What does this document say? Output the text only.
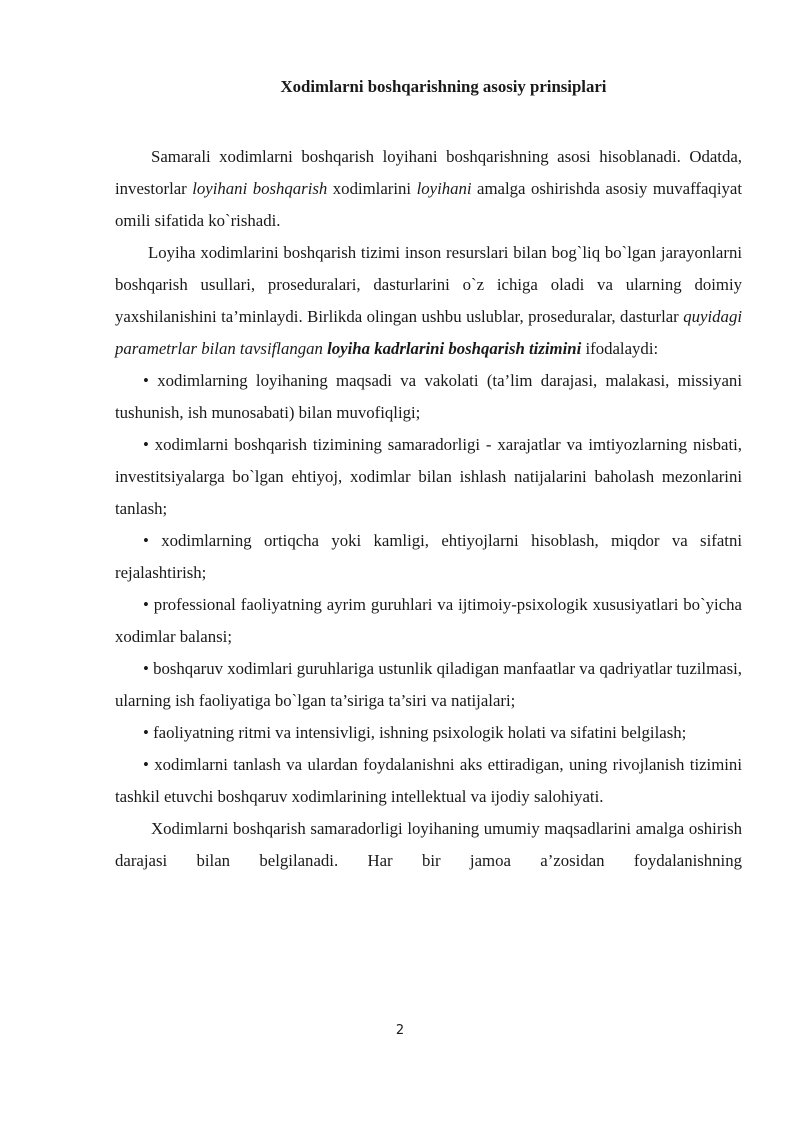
Xodimlarni boshqarishning asosiy prinsiplari

Samarali xodimlarni boshqarish loyihani boshqarishning asosi hisoblanadi. Odatda, investorlar loyihani boshqarish xodimlarini loyihani amalga oshirishda asosiy muvaffaqiyat omili sifatida ko`rishadi.

Loyiha xodimlarini boshqarish tizimi inson resurslari bilan bog`liq bo`lgan jarayonlarni boshqarish usullari, proseduralari, dasturlarini o`z ichiga oladi va ularning doimiy yaxshilanishini ta’minlaydi. Birlikda olingan ushbu uslublar, proseduralar, dasturlar quyidagi parametrlar bilan tavsiflangan loyiha kadrlarini boshqarish tizimini ifodalaydi:

• xodimlarning loyihaning maqsadi va vakolati (ta’lim darajasi, malakasi, missiyani tushunish, ish munosabati) bilan muvofiqligi;

• xodimlarni boshqarish tizimining samaradorligi - xarajatlar va imtiyozlarning nisbati, investitsiyalarga bo`lgan ehtiyoj, xodimlar bilan ishlash natijalarini baholash mezonlarini tanlash;

• xodimlarning ortiqcha yoki kamligi, ehtiyojlarni hisoblash, miqdor va sifatni rejalashtirish;

• professional faoliyatning ayrim guruhlari va ijtimoiy-psixologik xususiyatlari bo`yicha xodimlar balansi;

• boshqaruv xodimlari guruhlariga ustunlik qiladigan manfaatlar va qadriyatlar tuzilmasi, ularning ish faoliyatiga bo`lgan ta’siriga ta’siri va natijalari;

• faoliyatning ritmi va intensivligi, ishning psixologik holati va sifatini belgilash;

• xodimlarni tanlash va ulardan foydalanishni aks ettiradigan, uning rivojlanish tizimini tashkil etuvchi boshqaruv xodimlarining intellektual va ijodiy salohiyati.

Xodimlarni boshqarish samaradorligi loyihaning umumiy maqsadlarini amalga oshirish darajasi bilan belgilanadi. Har bir jamoa a’zosidan foydalanishning

2
